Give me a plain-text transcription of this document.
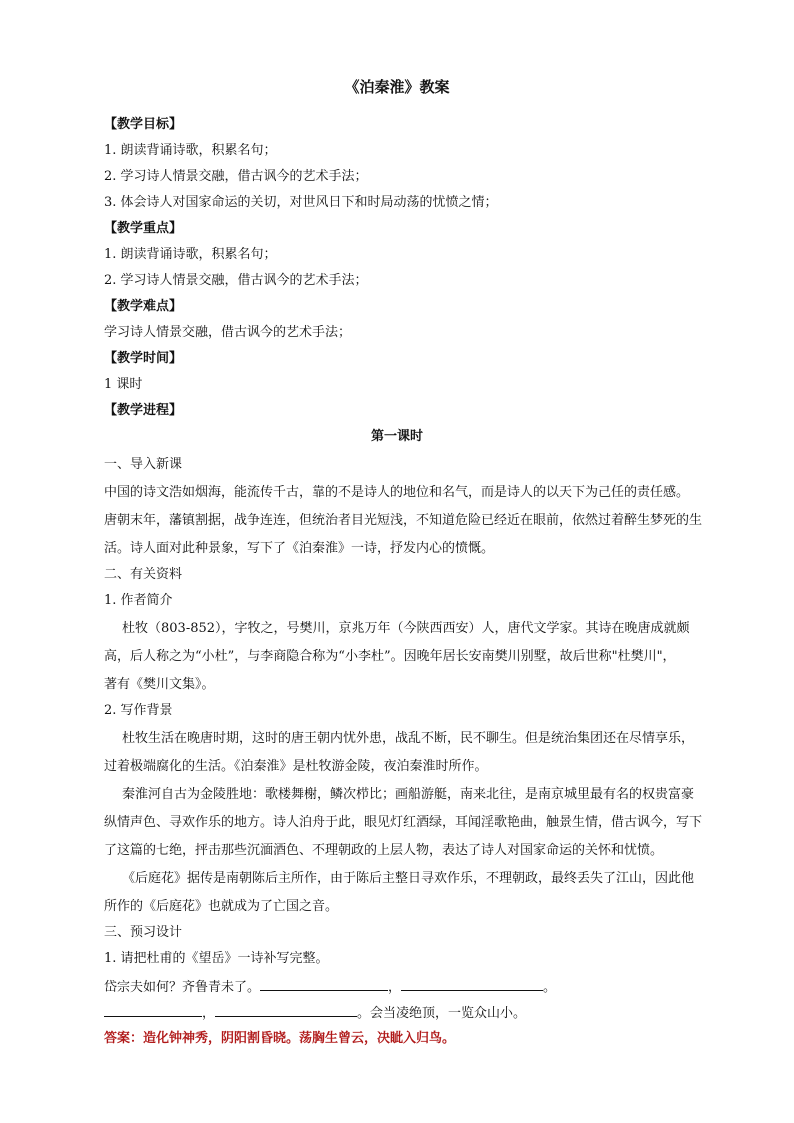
《泊秦淮》教案
【教学目标】
1. 朗读背诵诗歌，积累名句；
2. 学习诗人情景交融，借古讽今的艺术手法；
3. 体会诗人对国家命运的关切，对世风日下和时局动荡的忧愤之情；
【教学重点】
1. 朗读背诵诗歌，积累名句；
2. 学习诗人情景交融，借古讽今的艺术手法；
【教学难点】
学习诗人情景交融，借古讽今的艺术手法；
【教学时间】
1 课时
【教学进程】
第一课时
一、导入新课
中国的诗文浩如烟海，能流传千古，靠的不是诗人的地位和名气，而是诗人的以天下为己任的责任感。
唐朝末年，藩镇割据，战争连连，但统治者目光短浅，不知道危险已经近在眼前，依然过着醉生梦死的生
活。诗人面对此种景象，写下了《泊秦淮》一诗，抒发内心的愤慨。
二、有关资料
1. 作者简介
杜牧（803-852），字牧之，号樊川，京兆万年（今陕西西安）人，唐代文学家。其诗在晚唐成就颇
高，后人称之为“小杜”，与李商隐合称为“小李杜”。因晚年居长安南樊川别墅，故后世称"杜樊川"，
著有《樊川文集》。
2. 写作背景
杜牧生活在晚唐时期，这时的唐王朝内忧外患，战乱不断，民不聊生。但是统治集团还在尽情享乐，
过着极端腐化的生活。《泊秦淮》是杜牧游金陵，夜泊秦淮时所作。
秦淮河自古为金陵胜地：歌楼舞榭，鳞次栉比；画船游艇，南来北往，是南京城里最有名的权贵富豪
纵情声色、寻欢作乐的地方。诗人泊舟于此，眼见灯红酒绿，耳闻淫歌艳曲，触景生情，借古讽今，写下
了这篇的七绝，抨击那些沉湎酒色、不理朝政的上层人物，表达了诗人对国家命运的关怀和忧愤。
《后庭花》据传是南朝陈后主所作，由于陈后主整日寻欢作乐，不理朝政，最终丢失了江山，因此他
所作的《后庭花》也就成为了亡国之音。
三、预习设计
1. 请把杜甫的《望岳》一诗补写完整。
岱宗夫如何？齐鲁青未了。	，	。
，	。会当凌绝顶，一览众山小。
答案：造化钟神秀，阴阳割昏晓。荡胸生曾云，决眦入归鸟。
